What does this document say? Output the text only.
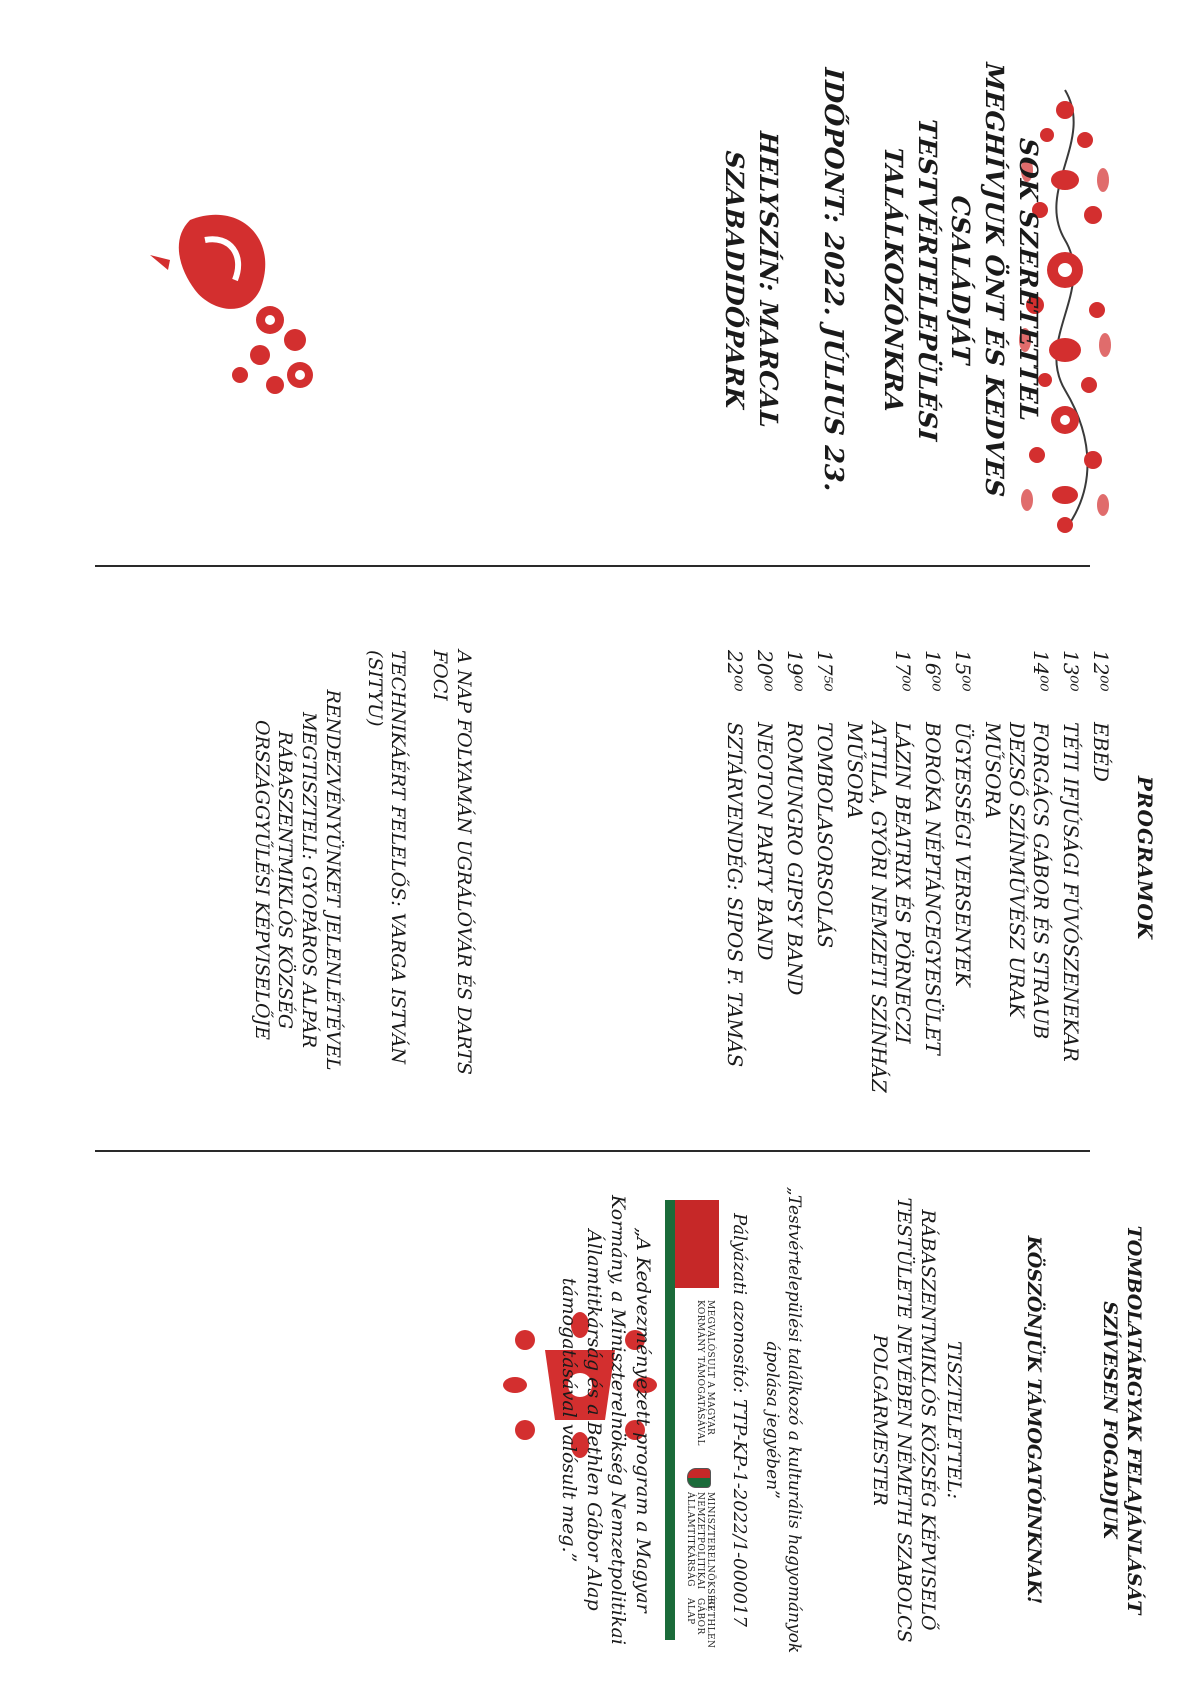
SOK SZERETETTEL
MEGHÍVJUK ÖNT ÉS KEDVES
CSALÁDJÁT
TESTVÉRTELEPÜLÉSI
TALÁLKOZÓNKRA
IDŐPONT: 2022. JÚLIUS 23.
HELYSZÍN: MARCAL
SZABADIDŐPARK
PROGRAMOK
12⁰⁰
EBÉD
13⁰⁰
TÉTI IFJÚSÁGI FÚVÓSZENEKAR
14⁰⁰
FORGÁCS GÁBOR ÉS STRAUB DEZSŐ SZÍNMŰVÉSZ URAK MŰSORA
15⁰⁰
ÜGYESSÉGI VERSENYEK
16⁰⁰
BORÓKA NÉPTÁNCEGYESÜLET
17⁰⁰
LÁZIN BEATRIX ÉS PÖRNECZI ATTILA, GYŐRI NEMZETI SZÍNHÁZ MŰSORA
17⁵⁰
TOMBOLASORSOLÁS
19⁰⁰
ROMUNGRO GIPSY BAND
20⁰⁰
NEOTON PARTY BAND
22⁰⁰
SZTÁRVENDÉG: SIPOS F. TAMÁS
A NAP FOLYAMÁN UGRÁLÓVÁR ÉS DARTS FOCI
TECHNIKÁÉRT FELELŐS: VARGA ISTVÁN (SITYU)
RENDEZVÉNYÜNKET JELENLÉTÉVEL MEGTISZTELI: GYOPÁROS ALPÁR RÁBASZENTMIKLÓS KÖZSÉG ORSZÁGGYŰLÉSI KÉPVISELŐJE
TOMBOLATÁRGYAK FELAJÁNLÁSÁT SZÍVESEN FOGADJUK
KÖSZÖNJÜK TÁMOGATÓINKNAK!
TISZTELETTEL:
RÁBASZENTMIKLÓS KÖZSÉG KÉPVISELŐ TESTÜLETE NEVÉBEN NÉMETH SZABOLCS POLGÁRMESTER
„Testvértelepülési találkozó a kulturális hagyományok ápolása jegyében”
Pályázati azonosító: TTP-KP-1-2022/1-000017
MEGVALÓSULT A MAGYAR KORMÁNY TÁMOGATÁSÁVAL
MINISZTERELNÖKSÉG NEMZETPOLITIKAI ÁLLAMTITKÁRSÁG
BETHLEN GÁBOR ALAP
„A Kedvezményezett program a Magyar Kormány, a Miniszterelnökség Nemzetpolitikai Államtitkárság és a Bethlen Gábor Alap támogatásával valósult meg.”
